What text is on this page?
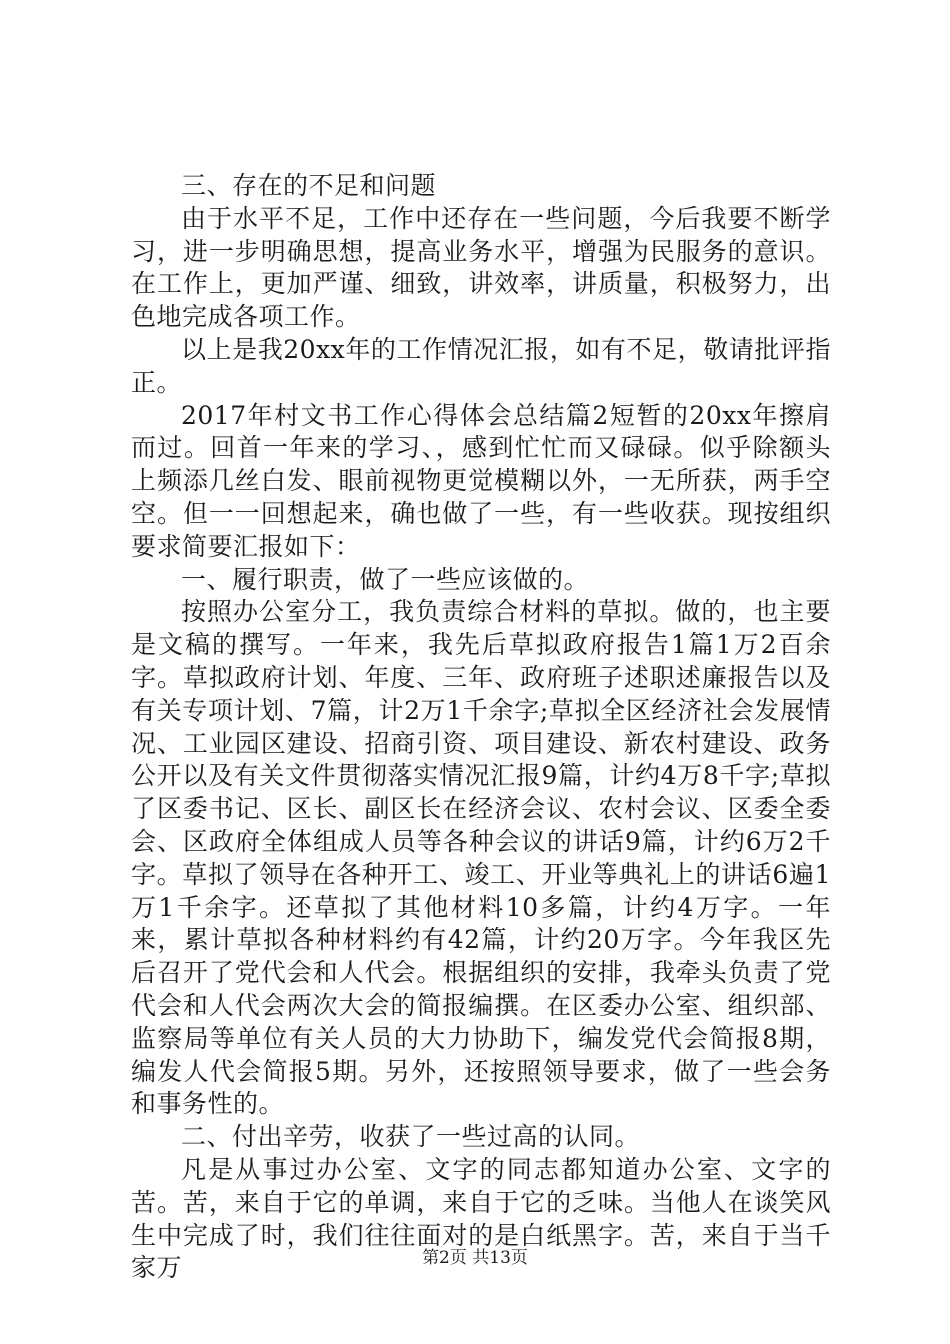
三、存在的不足和问题

由于水平不足，工作中还存在一些问题，今后我要不断学习，进一步明确思想，提高业务水平，增强为民服务的意识。在工作上，更加严谨、细致，讲效率，讲质量，积极努力，出色地完成各项工作。

以上是我20xx年的工作情况汇报，如有不足，敬请批评指正。

2017年村文书工作心得体会总结篇2短暂的20xx年擦肩而过。回首一年来的学习、，感到忙忙而又碌碌。似乎除额头上频添几丝白发、眼前视物更觉模糊以外，一无所获，两手空空。但一一回想起来，确也做了一些，有一些收获。现按组织要求简要汇报如下：

一、履行职责，做了一些应该做的。

按照办公室分工，我负责综合材料的草拟。做的，也主要是文稿的撰写。一年来，我先后草拟政府报告1篇1万2百余字。草拟政府计划、年度、三年、政府班子述职述廉报告以及有关专项计划、7篇，计2万1千余字;草拟全区经济社会发展情况、工业园区建设、招商引资、项目建设、新农村建设、政务公开以及有关文件贯彻落实情况汇报9篇，计约4万8千字;草拟了区委书记、区长、副区长在经济会议、农村会议、区委全委会、区政府全体组成人员等各种会议的讲话9篇，计约6万2千字。草拟了领导在各种开工、竣工、开业等典礼上的讲话6遍1万1千余字。还草拟了其他材料10多篇，计约4万字。一年来，累计草拟各种材料约有42篇，计约20万字。今年我区先后召开了党代会和人代会。根据组织的安排，我牵头负责了党代会和人代会两次大会的简报编撰。在区委办公室、组织部、监察局等单位有关人员的大力协助下，编发党代会简报8期，编发人代会简报5期。另外，还按照领导要求，做了一些会务和事务性的。

二、付出辛劳，收获了一些过高的认同。

凡是从事过办公室、文字的同志都知道办公室、文字的苦。苦，来自于它的单调，来自于它的乏味。当他人在谈笑风生中完成了时，我们往往面对的是白纸黑字。苦，来自于当千家万	第2页 共13页
